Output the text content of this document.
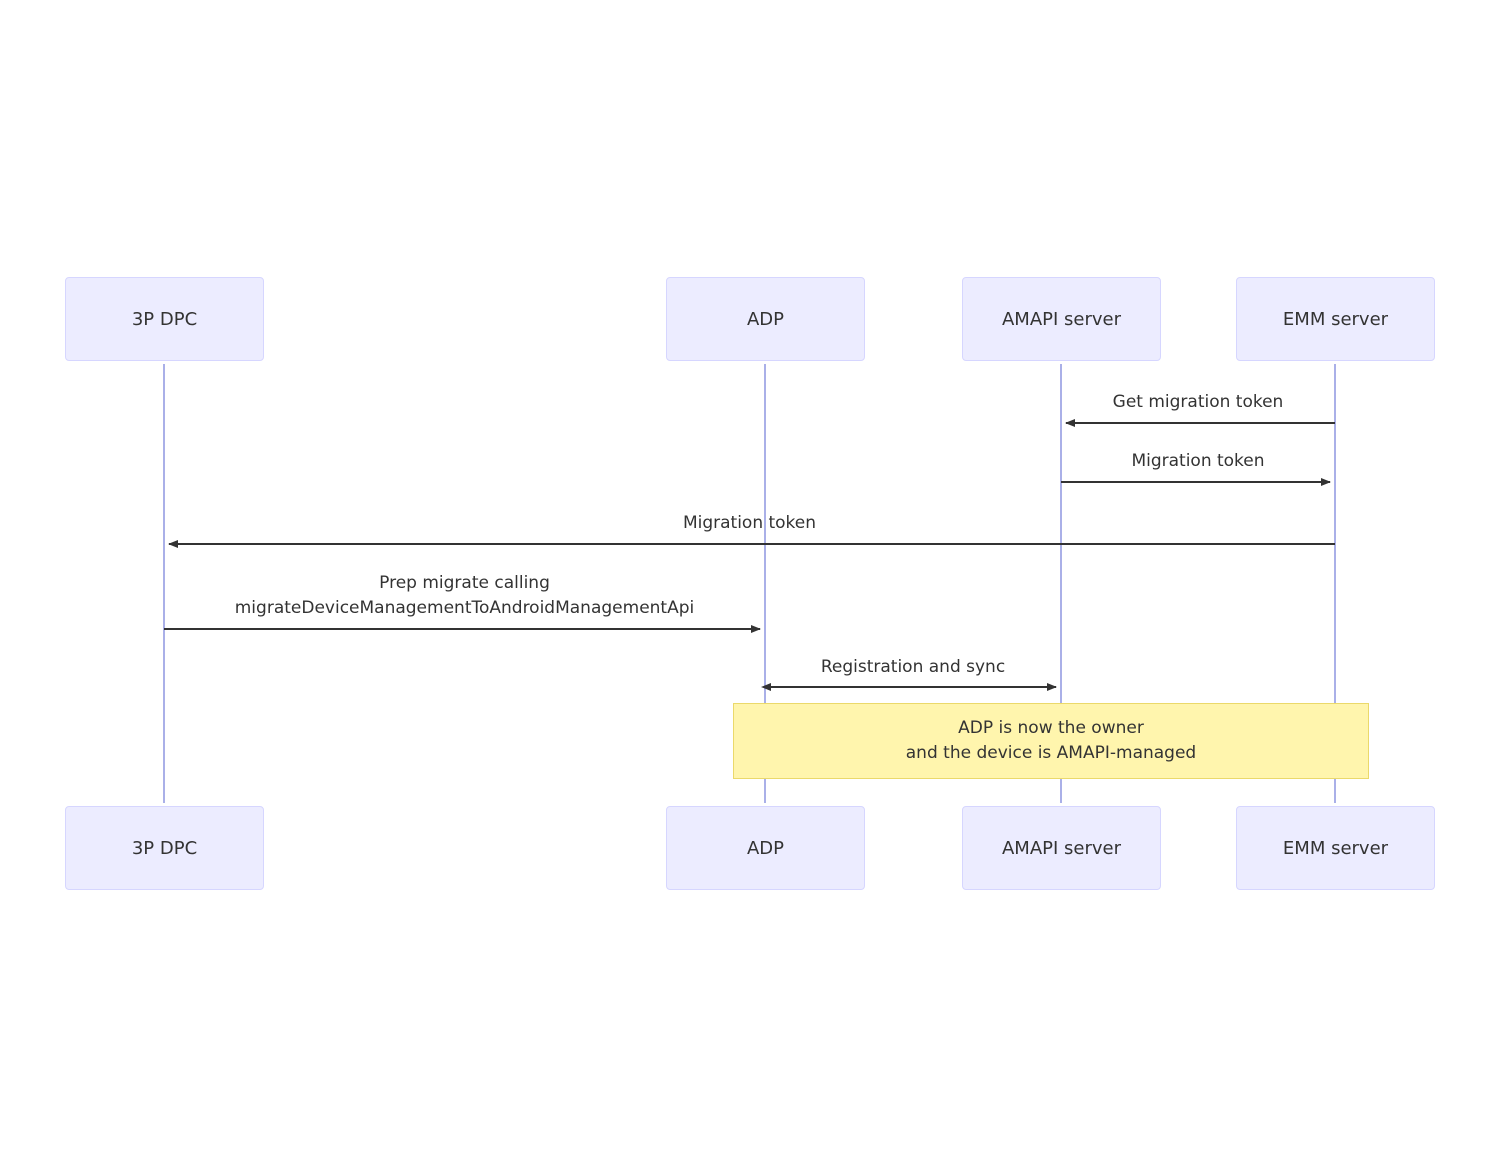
3P DPC	ADP	AMAPI server	EMM server
Get migration token
Migration token
Migration token
Prep migrate calling
migrateDeviceManagementToAndroidManagementApi
Registration and sync
ADP is now the owner
and the device is AMAPI-managed
3P DPC	ADP	AMAPI server	EMM server
